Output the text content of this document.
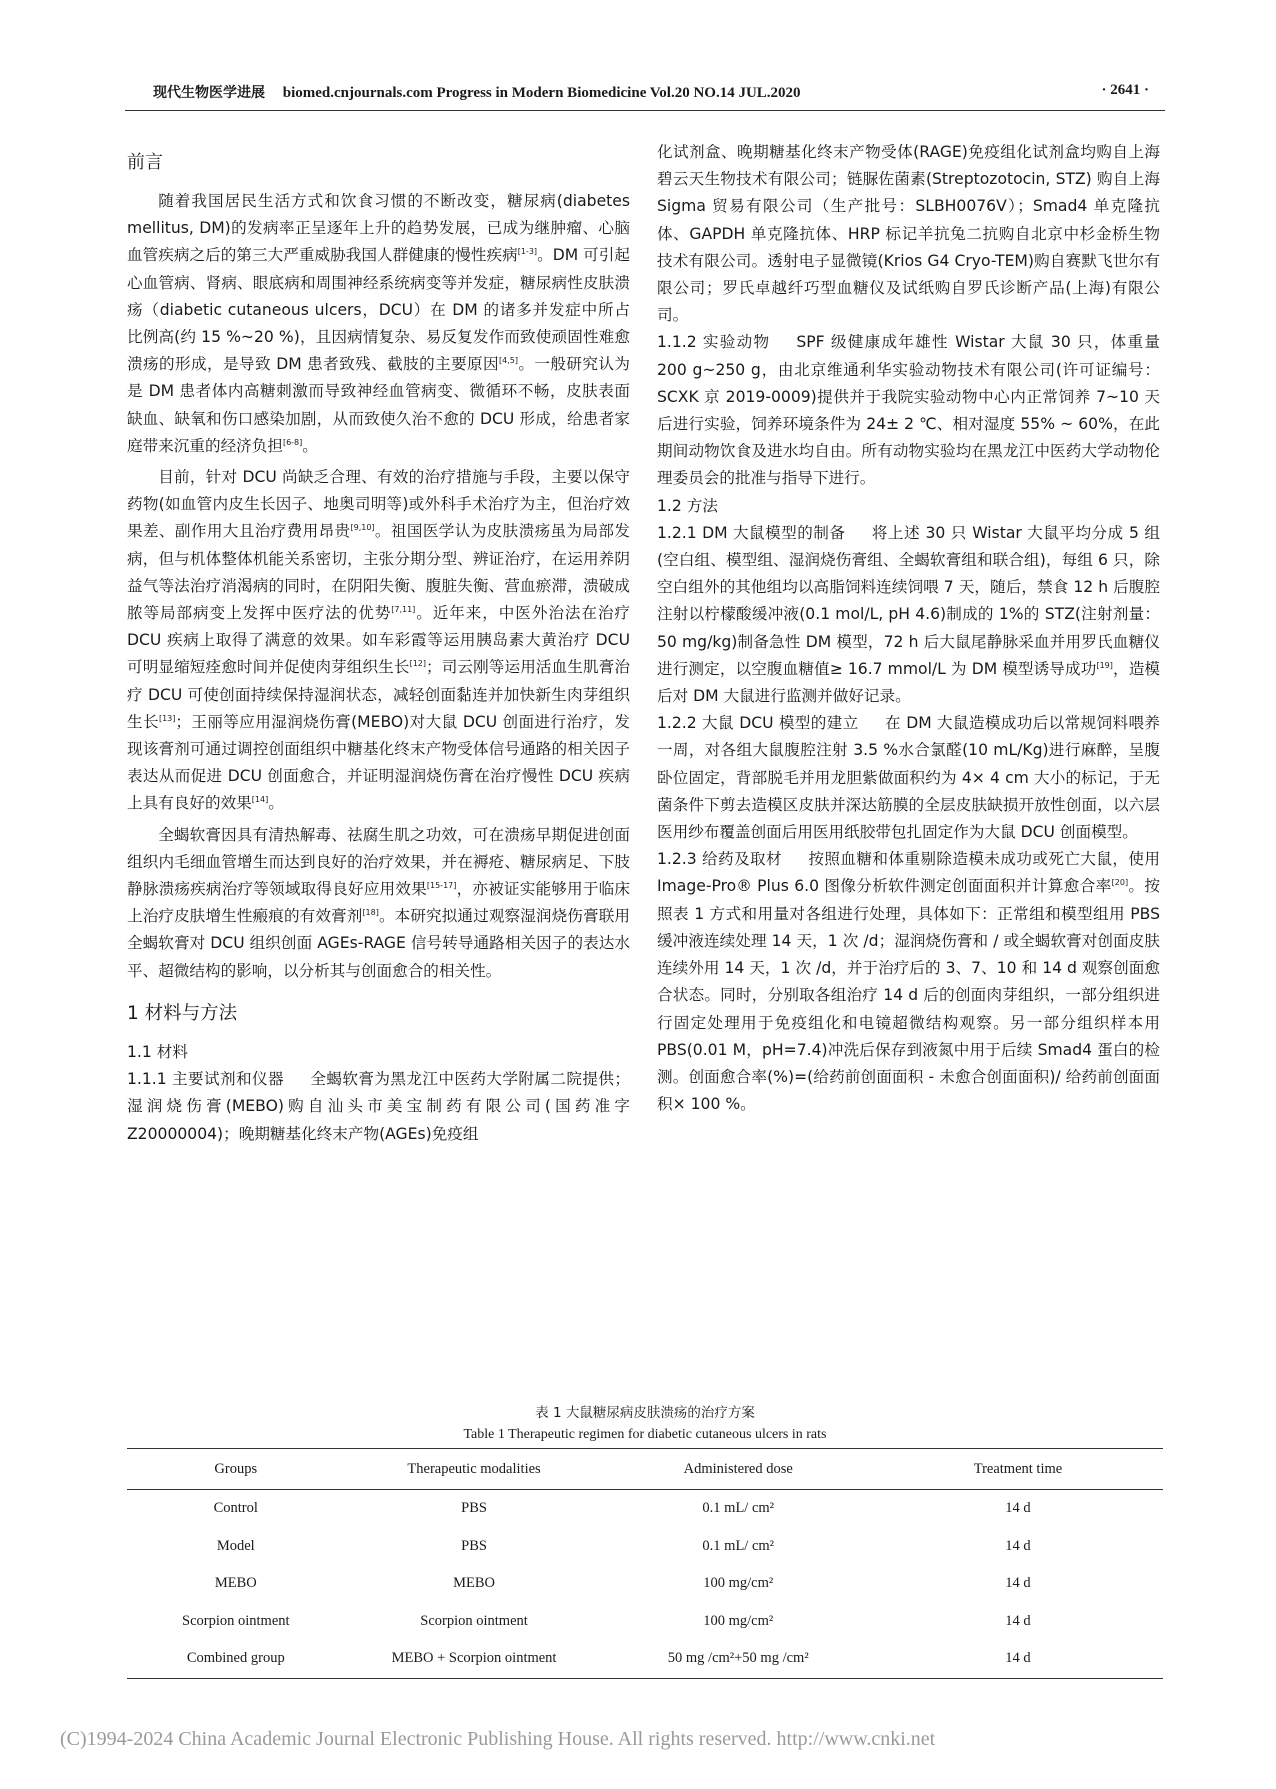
现代生物医学进展 biomed.cnjournals.com Progress in Modern Biomedicine Vol.20 NO.14 JUL.2020	· 2641 ·
前言

随着我国居民生活方式和饮食习惯的不断改变，糖尿病(diabetes mellitus, DM)的发病率正呈逐年上升的趋势发展，已成为继肿瘤、心脑血管疾病之后的第三大严重威胁我国人群健康的慢性疾病[1-3]。DM 可引起心血管病、肾病、眼底病和周围神经系统病变等并发症，糖尿病性皮肤溃疡（diabetic cutaneous ulcers，DCU）在 DM 的诸多并发症中所占比例高(约 15 %~20 %)，且因病情复杂、易反复发作而致使顽固性难愈溃疡的形成，是导致 DM 患者致残、截肢的主要原因[4,5]。一般研究认为是 DM 患者体内高糖刺激而导致神经血管病变、微循环不畅，皮肤表面缺血、缺氧和伤口感染加剧，从而致使久治不愈的 DCU 形成，给患者家庭带来沉重的经济负担[6-8]。

目前，针对 DCU 尚缺乏合理、有效的治疗措施与手段，主要以保守药物(如血管内皮生长因子、地奥司明等)或外科手术治疗为主，但治疗效果差、副作用大且治疗费用昂贵[9,10]。祖国医学认为皮肤溃疡虽为局部发病，但与机体整体机能关系密切，主张分期分型、辨证治疗，在运用养阴益气等法治疗消渴病的同时，在阴阳失衡、腹脏失衡、营血瘀滞，溃破成脓等局部病变上发挥中医疗法的优势[7,11]。近年来，中医外治法在治疗 DCU 疾病上取得了满意的效果。如车彩霞等运用胰岛素大黄治疗 DCU 可明显缩短痊愈时间并促使肉芽组织生长[12]；司云刚等运用活血生肌膏治疗 DCU 可使创面持续保持湿润状态，减轻创面黏连并加快新生肉芽组织生长[13]；王丽等应用湿润烧伤膏(MEBO)对大鼠 DCU 创面进行治疗，发现该膏剂可通过调控创面组织中糖基化终末产物受体信号通路的相关因子表达从而促进 DCU 创面愈合，并证明湿润烧伤膏在治疗慢性 DCU 疾病上具有良好的效果[14]。

全蝎软膏因具有清热解毒、祛腐生肌之功效，可在溃疡早期促进创面组织内毛细血管增生而达到良好的治疗效果，并在褥疮、糖尿病足、下肢静脉溃疡疾病治疗等领域取得良好应用效果[15-17]，亦被证实能够用于临床上治疗皮肤增生性瘢痕的有效膏剂[18]。本研究拟通过观察湿润烧伤膏联用全蝎软膏对 DCU 组织创面 AGEs-RAGE 信号转导通路相关因子的表达水平、超微结构的影响，以分析其与创面愈合的相关性。

1 材料与方法

1.1 材料

1.1.1 主要试剂和仪器 全蝎软膏为黑龙江中医药大学附属二院提供；湿润烧伤膏(MEBO)购自汕头市美宝制药有限公司(国药准字 Z20000004)；晚期糖基化终末产物(AGEs)免疫组

化试剂盒、晚期糖基化终末产物受体(RAGE)免疫组化试剂盒均购自上海碧云天生物技术有限公司；链脲佐菌素(Streptozotocin, STZ) 购自上海 Sigma 贸易有限公司（生产批号：SLBH0076V）；Smad4 单克隆抗体、GAPDH 单克隆抗体、HRP 标记羊抗兔二抗购自北京中杉金桥生物技术有限公司。透射电子显微镜(Krios G4 Cryo-TEM)购自赛默飞世尔有限公司；罗氏卓越纤巧型血糖仪及试纸购自罗氏诊断产品(上海)有限公司。

1.1.2 实验动物 SPF 级健康成年雄性 Wistar 大鼠 30 只，体重量 200 g~250 g，由北京维通利华实验动物技术有限公司(许可证编号：SCXK 京 2019-0009)提供并于我院实验动物中心内正常饲养 7~10 天后进行实验，饲养环境条件为 24± 2 ℃、相对湿度 55% ~ 60%，在此期间动物饮食及进水均自由。所有动物实验均在黑龙江中医药大学动物伦理委员会的批准与指导下进行。

1.2 方法

1.2.1 DM 大鼠模型的制备 将上述 30 只 Wistar 大鼠平均分成 5 组(空白组、模型组、湿润烧伤膏组、全蝎软膏组和联合组)，每组 6 只，除空白组外的其他组均以高脂饲料连续饲喂 7 天，随后，禁食 12 h 后腹腔注射以柠檬酸缓冲液(0.1 mol/L, pH 4.6)制成的 1%的 STZ(注射剂量：50 mg/kg)制备急性 DM 模型，72 h 后大鼠尾静脉采血并用罗氏血糖仪进行测定，以空腹血糖值≥ 16.7 mmol/L 为 DM 模型诱导成功[19]，造模后对 DM 大鼠进行监测并做好记录。

1.2.2 大鼠 DCU 模型的建立 在 DM 大鼠造模成功后以常规饲料喂养一周，对各组大鼠腹腔注射 3.5 %水合氯醛(10 mL/Kg)进行麻醉，呈腹卧位固定，背部脱毛并用龙胆紫做面积约为 4× 4 cm 大小的标记，于无菌条件下剪去造模区皮肤并深达筋膜的全层皮肤缺损开放性创面，以六层医用纱布覆盖创面后用医用纸胶带包扎固定作为大鼠 DCU 创面模型。

1.2.3 给药及取材 按照血糖和体重剔除造模未成功或死亡大鼠，使用 Image-Pro® Plus 6.0 图像分析软件测定创面面积并计算愈合率[20]。按照表 1 方式和用量对各组进行处理，具体如下：正常组和模型组用 PBS 缓冲液连续处理 14 天，1 次 /d；湿润烧伤膏和 / 或全蝎软膏对创面皮肤连续外用 14 天，1 次 /d，并于治疗后的 3、7、10 和 14 d 观察创面愈合状态。同时，分别取各组治疗 14 d 后的创面肉芽组织，一部分组织进行固定处理用于免疫组化和电镜超微结构观察。另一部分组织样本用 PBS(0.01 M，pH=7.4)冲洗后保存到液氮中用于后续 Smad4 蛋白的检测。创面愈合率(%)=(给药前创面面积 - 未愈合创面面积)/ 给药前创面面积× 100 %。

表 1 大鼠糖尿病皮肤溃疡的治疗方案
Table 1 Therapeutic regimen for diabetic cutaneous ulcers in rats
Groups	Therapeutic modalities	Administered dose	Treatment time
Control	PBS	0.1 mL/ cm²	14 d
Model	PBS	0.1 mL/ cm²	14 d
MEBO	MEBO	100 mg/cm²	14 d
Scorpion ointment	Scorpion ointment	100 mg/cm²	14 d
Combined group	MEBO + Scorpion ointment	50 mg /cm²+50 mg /cm²	14 d
(C)1994-2024 China Academic Journal Electronic Publishing House. All rights reserved. http://www.cnki.net
